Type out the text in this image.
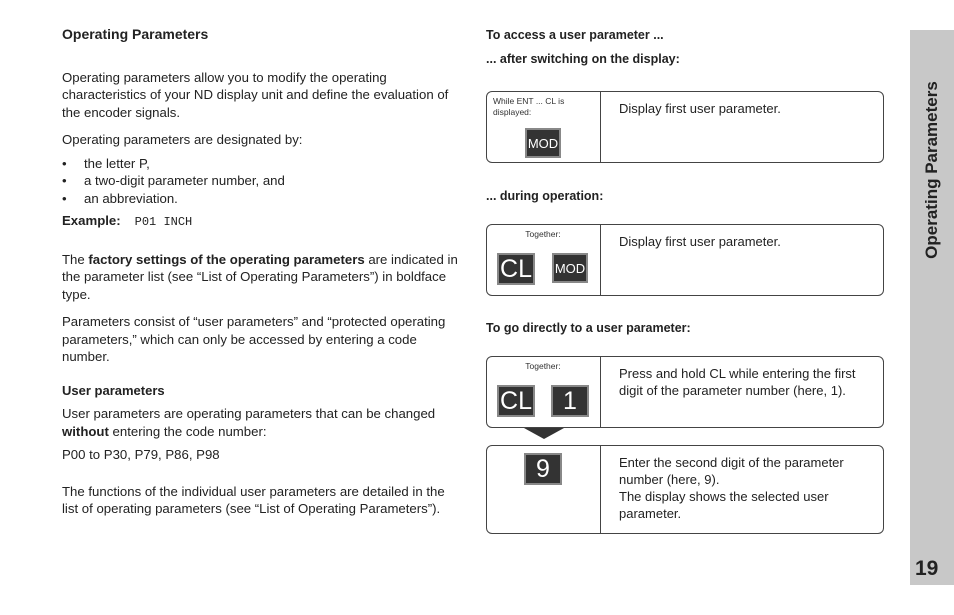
Operating Parameters

Operating parameters allow you to modify the operating characteristics of your ND display unit and define the evaluation of the encoder signals.

Operating parameters are designated by:

• the letter P,
• a two-digit parameter number, and
• an abbreviation.

Example: P01 INCH

The factory settings of the operating parameters are indicated in the parameter list (see “List of Operating Parameters”) in boldface type.

Parameters consist of “user parameters” and “protected operating parameters,” which can only be accessed by entering a code number.

User parameters

User parameters are operating parameters that can be changed without entering the code number:

P00 to P30, P79, P86, P98

The functions of the individual user parameters are detailed in the list of operating parameters (see “List of Operating Parameters”).

To access a user parameter ...
... after switching on the display:
While ENT ... CL is displayed:
MOD
Display first user parameter.
... during operation:
Together:
CL MOD
Display first user parameter.
To go directly to a user parameter:
Together:
CL	1
Press and hold CL while entering the first digit of the parameter number (here, 1).
9	Enter the second digit of the parameter number (here, 9).
The display shows the selected user parameter.
Operating Parameters
19
